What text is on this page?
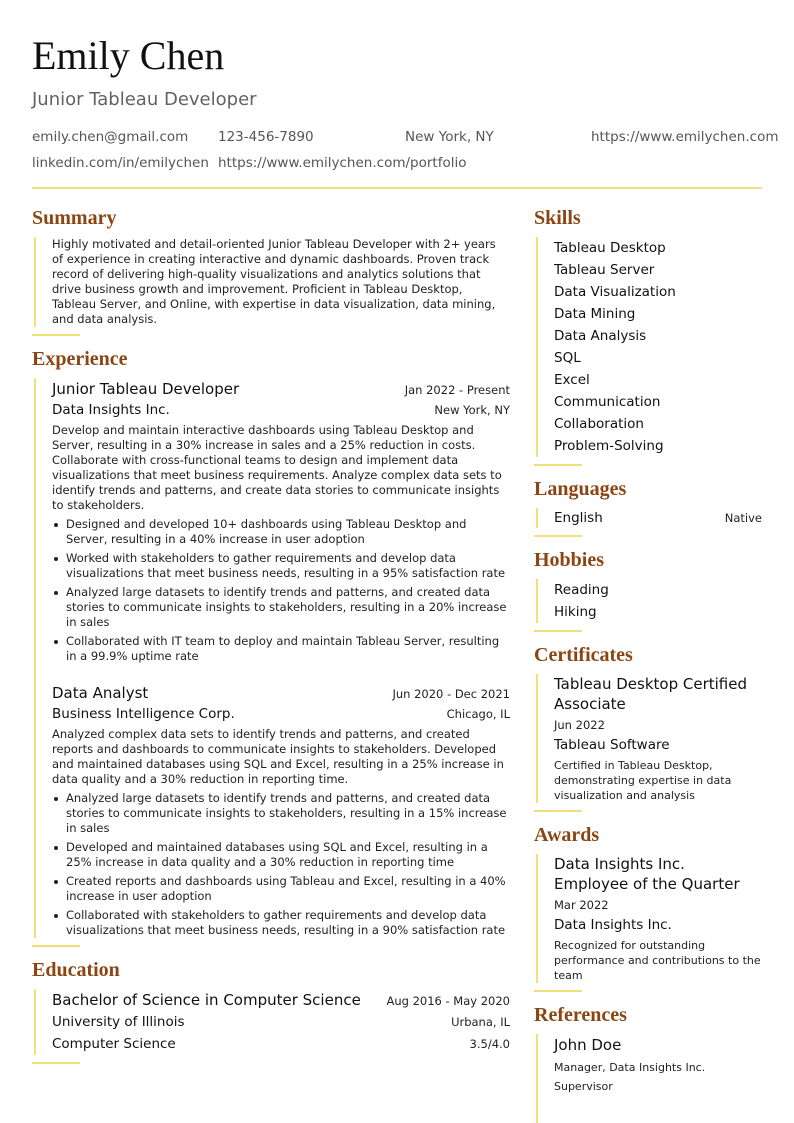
Emily Chen
Junior Tableau Developer
emily.chen@gmail.com 123-456-7890	New York, NY	https://www.emilychen.com
linkedin.com/in/emilychen https://www.emilychen.com/portfolio
Summary
Highly motivated and detail-oriented Junior Tableau Developer with 2+ years of experience in creating interactive and dynamic dashboards. Proven track record of delivering high-quality visualizations and analytics solutions that drive business growth and improvement. Proficient in Tableau Desktop, Tableau Server, and Online, with expertise in data visualization, data mining, and data analysis.
Experience
Junior Tableau Developer	Jan 2022 - Present
Data Insights Inc.	New York, NY
Develop and maintain interactive dashboards using Tableau Desktop and Server, resulting in a 30% increase in sales and a 25% reduction in costs. Collaborate with cross-functional teams to design and implement data visualizations that meet business requirements. Analyze complex data sets to identify trends and patterns, and create data stories to communicate insights to stakeholders.
Designed and developed 10+ dashboards using Tableau Desktop and Server, resulting in a 40% increase in user adoption
Worked with stakeholders to gather requirements and develop data visualizations that meet business needs, resulting in a 95% satisfaction rate
Analyzed large datasets to identify trends and patterns, and created data stories to communicate insights to stakeholders, resulting in a 20% increase in sales
Collaborated with IT team to deploy and maintain Tableau Server, resulting in a 99.9% uptime rate
Data Analyst	Jun 2020 - Dec 2021
Business Intelligence Corp.	Chicago, IL
Analyzed complex data sets to identify trends and patterns, and created reports and dashboards to communicate insights to stakeholders. Developed and maintained databases using SQL and Excel, resulting in a 25% increase in data quality and a 30% reduction in reporting time.
Analyzed large datasets to identify trends and patterns, and created data stories to communicate insights to stakeholders, resulting in a 15% increase in sales
Developed and maintained databases using SQL and Excel, resulting in a 25% increase in data quality and a 30% reduction in reporting time
Created reports and dashboards using Tableau and Excel, resulting in a 40% increase in user adoption
Collaborated with stakeholders to gather requirements and develop data visualizations that meet business needs, resulting in a 90% satisfaction rate
Education
Bachelor of Science in Computer Science Aug 2016 - May 2020
University of Illinois	Urbana, IL
Computer Science	3.5/4.0
Skills
Tableau Desktop
Tableau Server
Data Visualization
Data Mining
Data Analysis
SQL
Excel
Communication
Collaboration
Problem-Solving
Languages
English	Native
Hobbies
Reading
Hiking
Certificates
Tableau Desktop Certified Associate
Jun 2022
Tableau Software
Certified in Tableau Desktop, demonstrating expertise in data visualization and analysis
Awards
Data Insights Inc. Employee of the Quarter
Mar 2022
Data Insights Inc.
Recognized for outstanding performance and contributions to the team
References
John Doe
Manager, Data Insights Inc.
Supervisor
